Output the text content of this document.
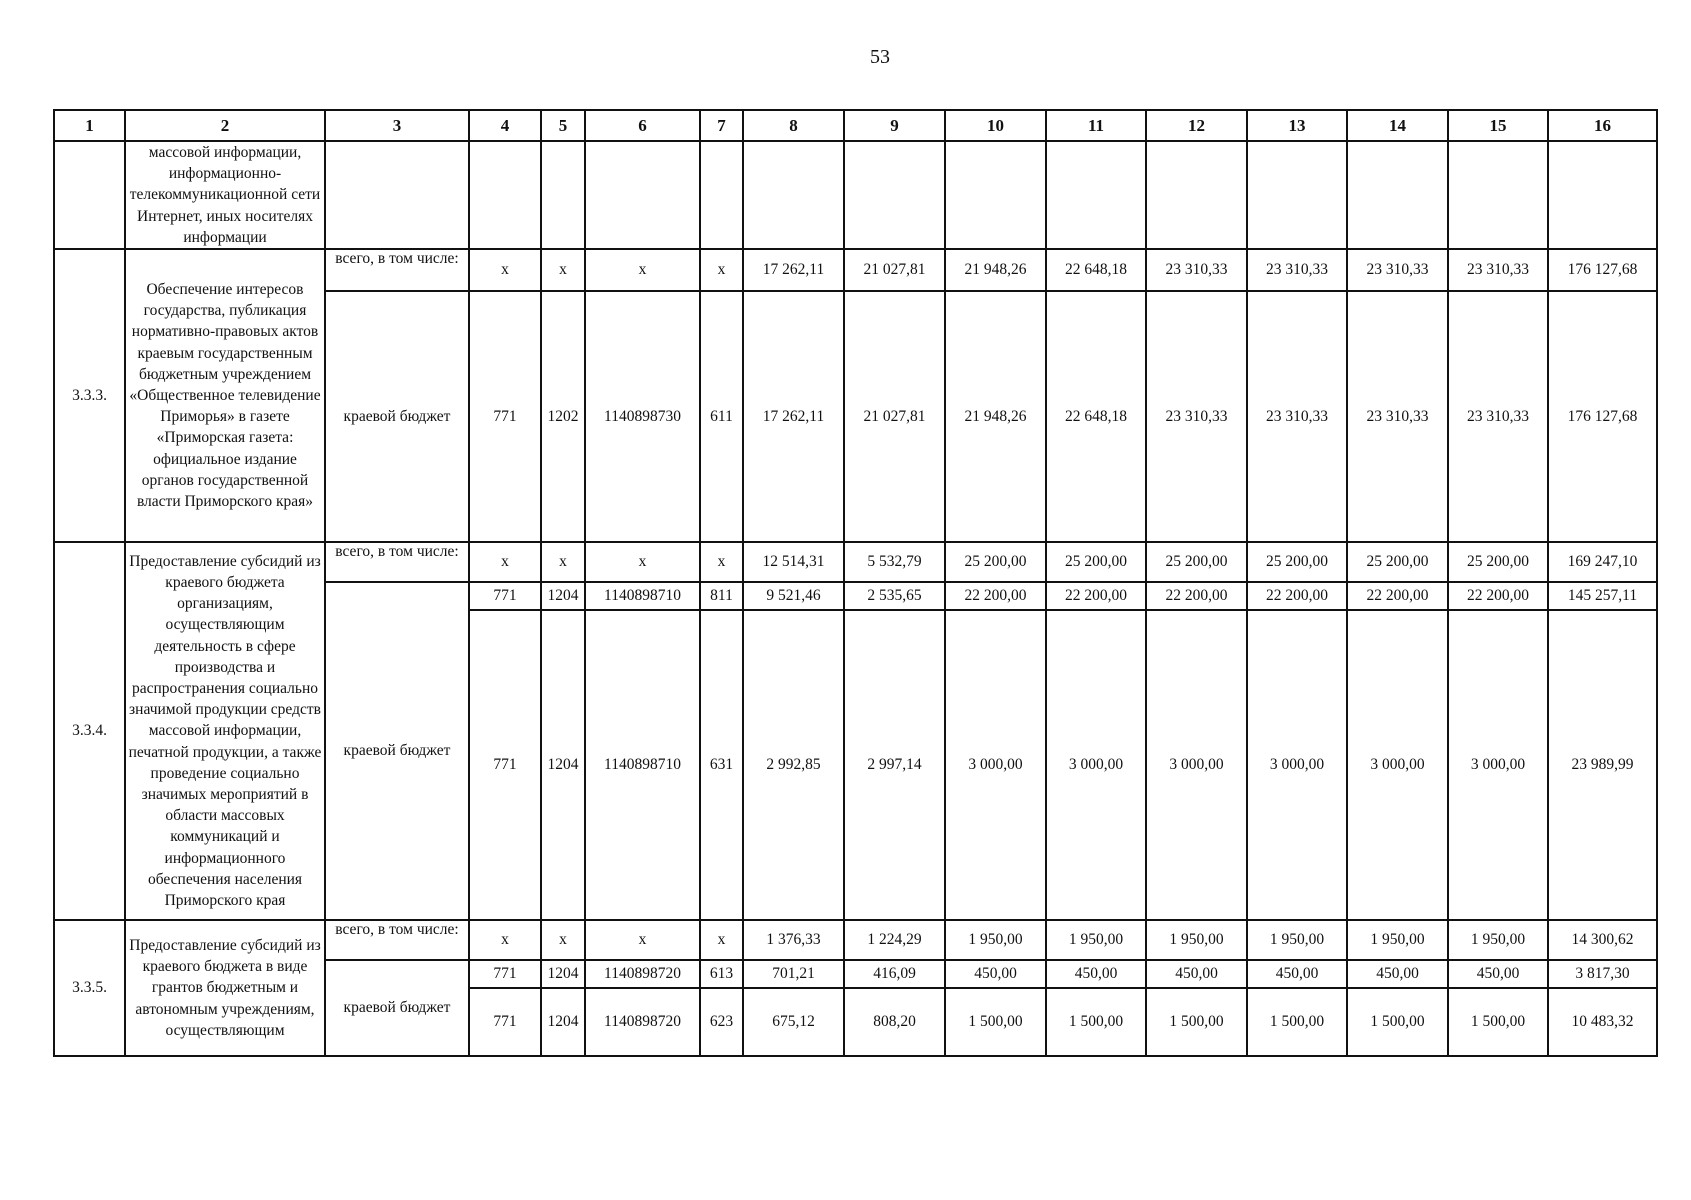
53
1	2	3	4	5	6	7	8	9	10	11	12	13	14	15	16
	массовой информации, информационно-телекоммуникационной сети Интернет, иных носителях информации														
3.3.3.	Обеспечение интересов государства, публикация нормативно-правовых актов краевым государственным бюджетным учреждением «Общественное телевидение Приморья» в газете «Приморская газета: официальное издание органов государственной власти Приморского края»	всего, в том числе:	x	x	x	x	17 262,11	21 027,81	21 948,26	22 648,18	23 310,33	23 310,33	23 310,33	23 310,33	176 127,68
		краевой бюджет	771	1202	1140898730	611	17 262,11	21 027,81	21 948,26	22 648,18	23 310,33	23 310,33	23 310,33	23 310,33	176 127,68
3.3.4.	Предоставление субсидий из краевого бюджета организациям, осуществляющим деятельность в сфере производства и распространения социально значимой продукции средств массовой информации, печатной продукции, а также проведение социально значимых мероприятий в области массовых коммуникаций и информационного обеспечения населения Приморского края	всего, в том числе:	x	x	x	x	12 514,31	5 532,79	25 200,00	25 200,00	25 200,00	25 200,00	25 200,00	25 200,00	169 247,10
		краевой бюджет	771	1204	1140898710	811	9 521,46	2 535,65	22 200,00	22 200,00	22 200,00	22 200,00	22 200,00	22 200,00	145 257,11
			771	1204	1140898710	631	2 992,85	2 997,14	3 000,00	3 000,00	3 000,00	3 000,00	3 000,00	3 000,00	23 989,99
3.3.5.	Предоставление субсидий из краевого бюджета в виде грантов бюджетным и автономным учреждениям, осуществляющим	всего, в том числе:	x	x	x	x	1 376,33	1 224,29	1 950,00	1 950,00	1 950,00	1 950,00	1 950,00	1 950,00	14 300,62
		краевой бюджет	771	1204	1140898720	613	701,21	416,09	450,00	450,00	450,00	450,00	450,00	450,00	3 817,30
			771	1204	1140898720	623	675,12	808,20	1 500,00	1 500,00	1 500,00	1 500,00	1 500,00	1 500,00	10 483,32
